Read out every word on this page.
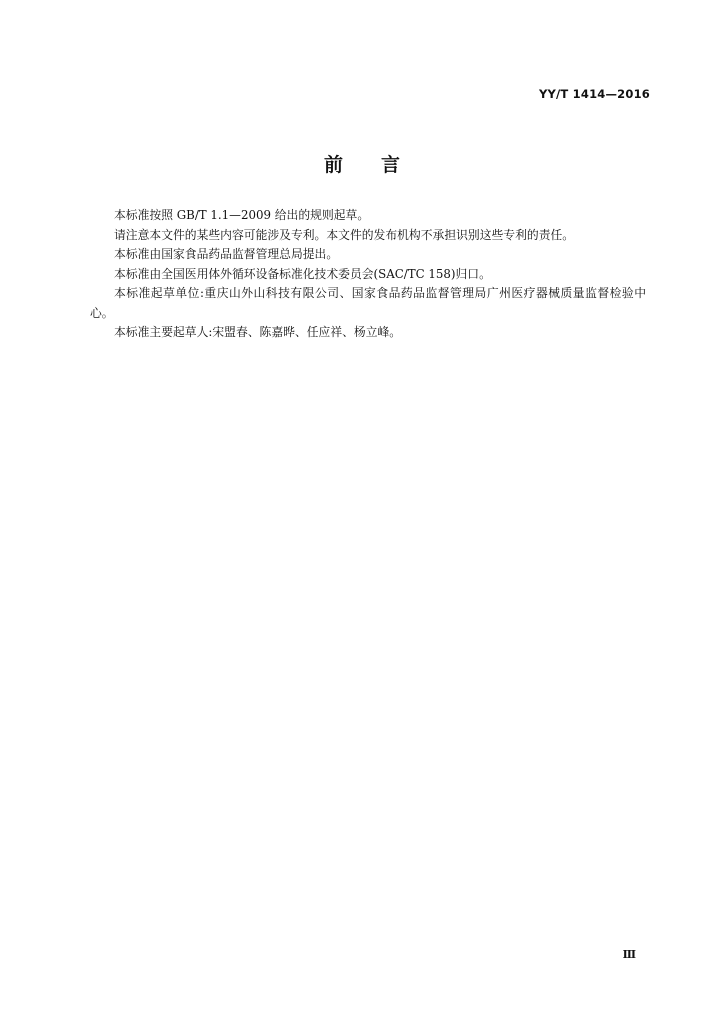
YY/T 1414—2016
前言

本标准按照 GB/T 1.1—2009 给出的规则起草。

请注意本文件的某些内容可能涉及专利。本文件的发布机构不承担识别这些专利的责任。

本标准由国家食品药品监督管理总局提出。

本标准由全国医用体外循环设备标准化技术委员会(SAC/TC 158)归口。

本标准起草单位:重庆山外山科技有限公司、国家食品药品监督管理局广州医疗器械质量监督检验中心。

本标准主要起草人:宋盟春、陈嘉晔、任应祥、杨立峰。

Ⅲ
